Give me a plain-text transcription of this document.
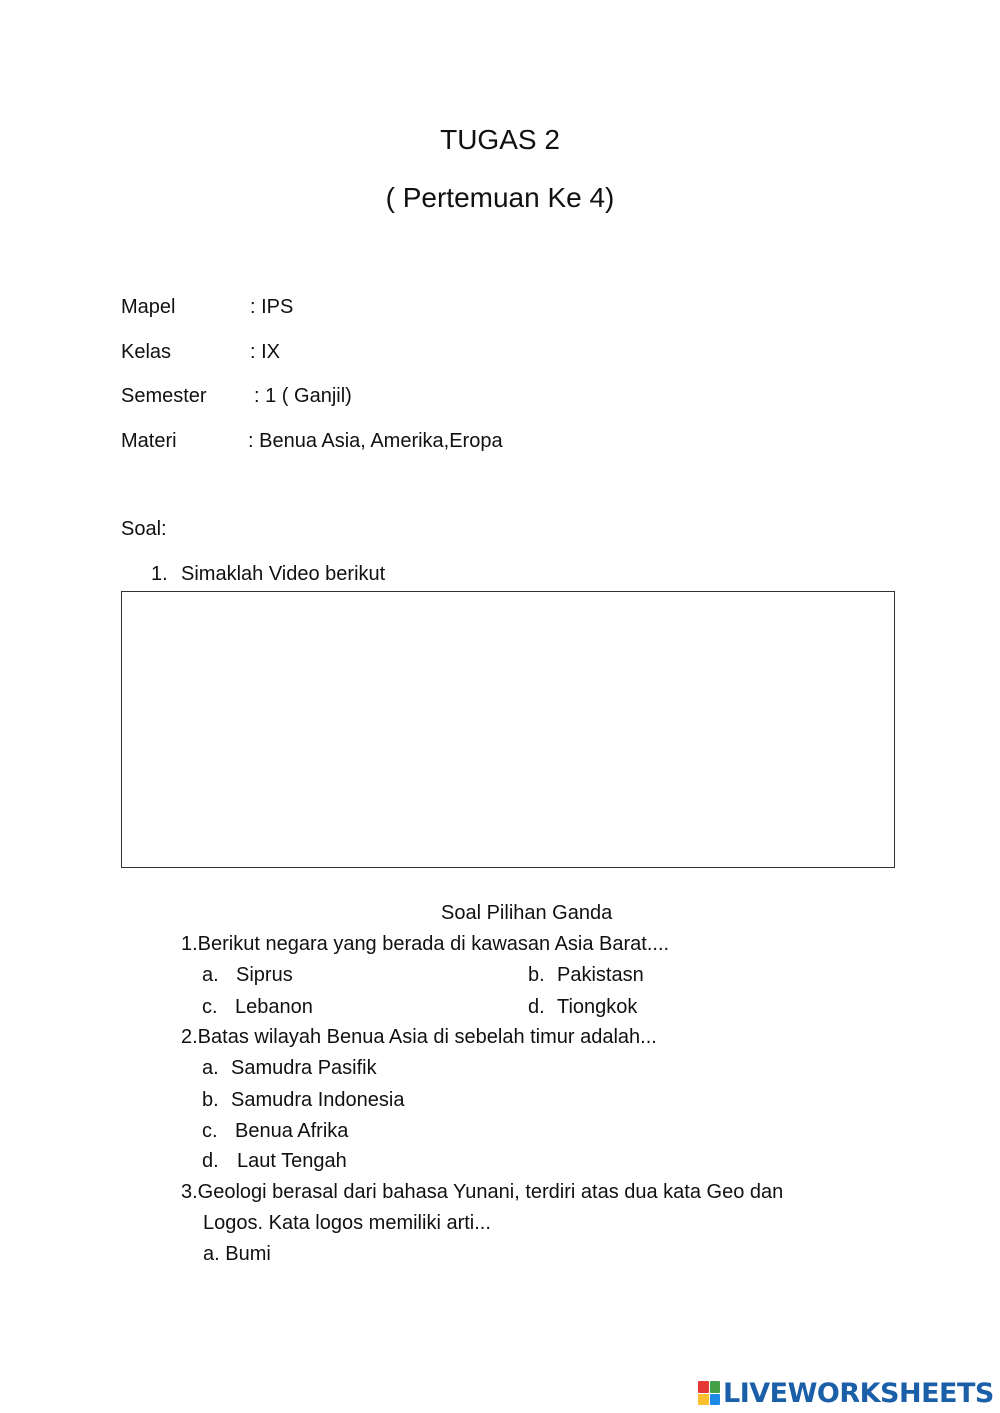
TUGAS 2
( Pertemuan Ke 4)
Mapel	: IPS
Kelas	: IX
Semester : 1 ( Ganjil)
Materi	: Benua Asia, Amerika,Eropa
Soal:
1. Simaklah Video berikut
Soal Pilihan Ganda
1.Berikut negara yang berada di kawasan Asia Barat....
a. Siprus	b. Pakistasn
c. Lebanon	d. Tiongkok
2.Batas wilayah Benua Asia di sebelah timur adalah...
a. Samudra Pasifik
b. Samudra Indonesia
c. Benua Afrika
d. Laut Tengah
3.Geologi berasal dari bahasa Yunani, terdiri atas dua kata Geo dan
Logos. Kata logos memiliki arti...
a. Bumi
LIVEWORKSHEETS
